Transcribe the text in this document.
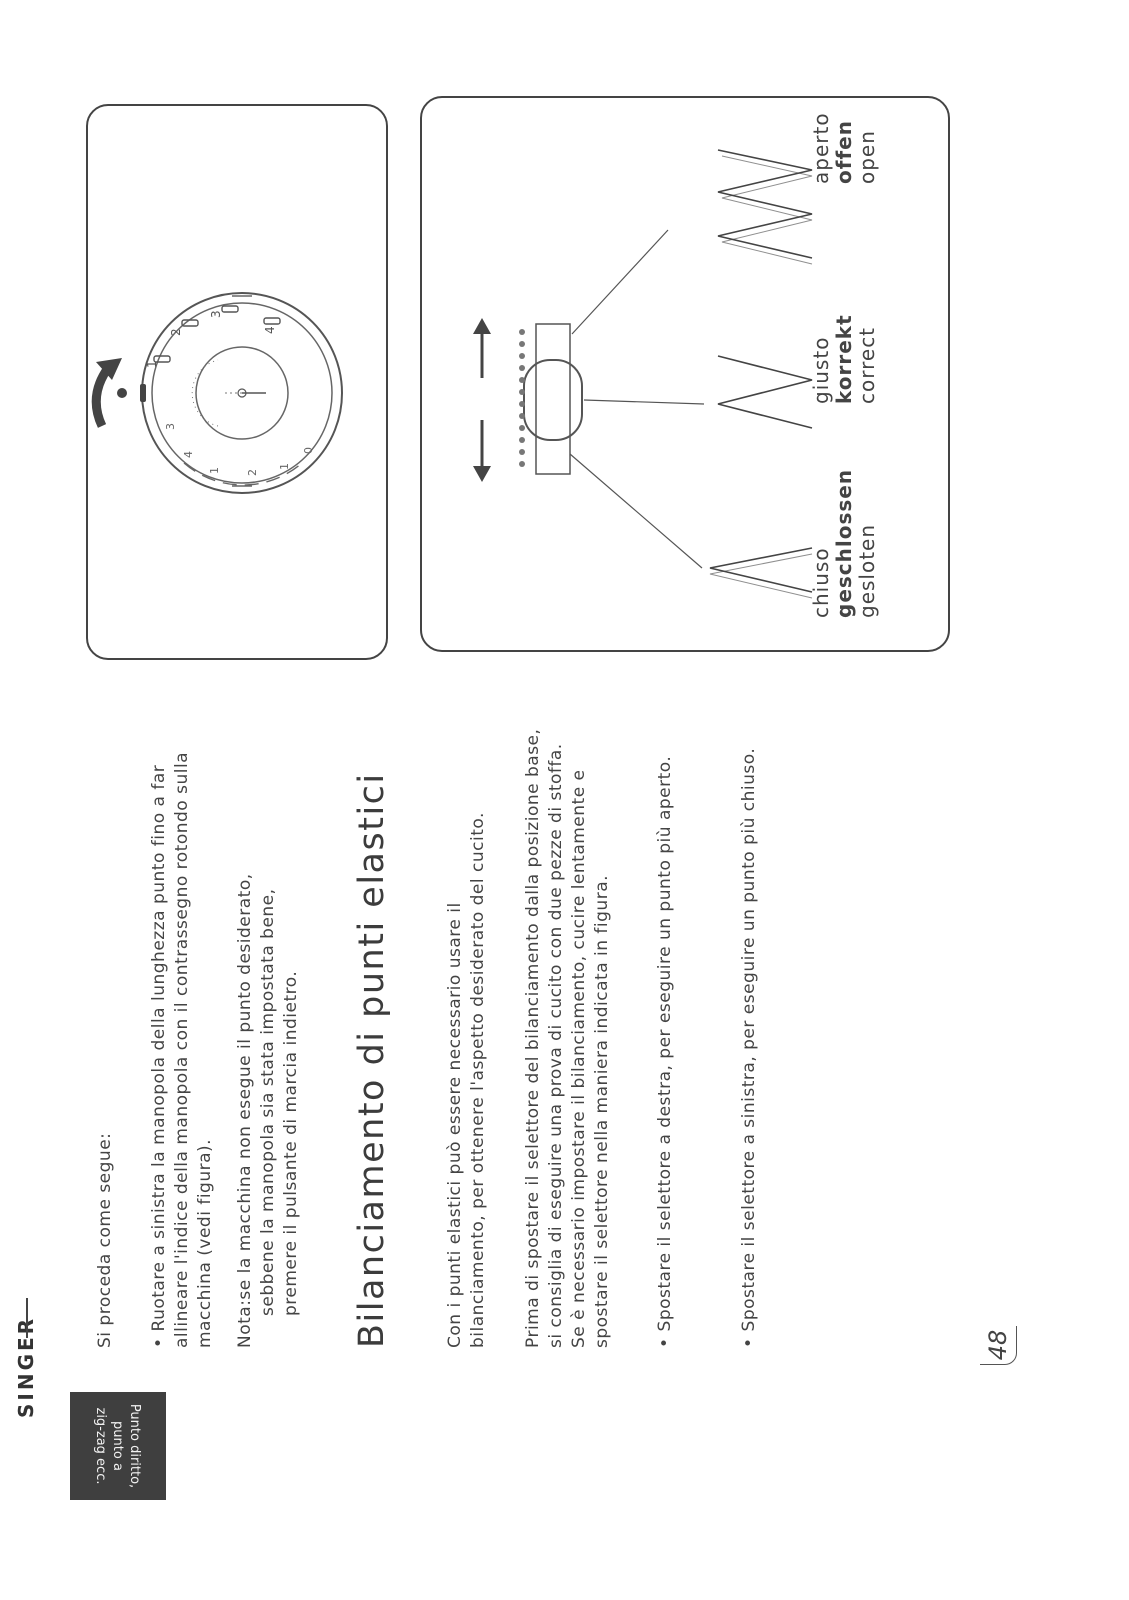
SINGER
Punto diritto,
punto a
zig-zag ecc.
Si proceda come segue: • Ruotare a sinistra la manopola della lunghezza punto fino a far allineare l'indice della manopola con il contrassegno rotondo sulla macchina (vedi figura). Nota:se la macchina non esegue il punto desiderato, sebbene la manopola sia stata impostata bene, premere il pulsante di marcia indietro. Bilanciamento di punti elastici	Con i punti elastici può essere necessario usare il bilanciamento, per ottenere l'aspetto desiderato del cucito. Prima di spostare il selettore del bilanciamento dalla posizione base, si consiglia di eseguire una prova di cucito con due pezze di stoffa. Se è necessario impostare il bilanciamento, cucire lentamente e spostare il selettore nella maniera indicata in figura.	• Spostare il selettore a destra, per eseguire un punto più aperto.	• Spostare il selettore a sinistra, per eseguire un punto più chiuso.
48
1
2
3
4
3
4
1 2
1
0
chiuso geschlossen gesloten
giusto korrekt correct
aperto offen open
